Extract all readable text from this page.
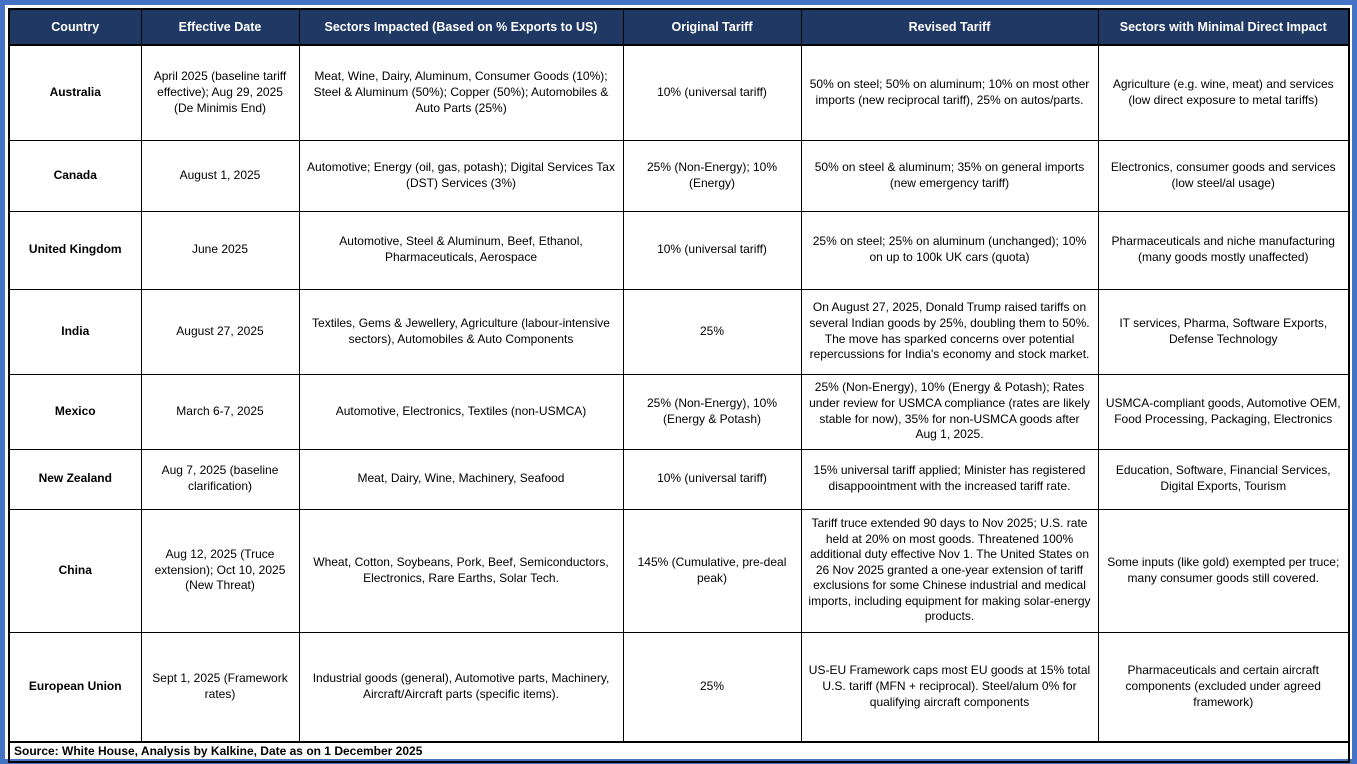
Country	Effective Date	Sectors Impacted (Based on % Exports to US)	Original Tariff	Revised Tariff	Sectors with Minimal Direct Impact
Australia	April 2025 (baseline tariff effective); Aug 29, 2025 (De Minimis End)	Meat, Wine, Dairy, Aluminum, Consumer Goods (10%); Steel & Aluminum (50%); Copper (50%); Automobiles & Auto Parts (25%)	10% (universal tariff)	50% on steel; 50% on aluminum; 10% on most other imports (new reciprocal tariff), 25% on autos/parts.	Agriculture (e.g. wine, meat) and services (low direct exposure to metal tariffs)
Canada	August 1, 2025	Automotive; Energy (oil, gas, potash); Digital Services Tax (DST) Services (3%)	25% (Non-Energy); 10% (Energy)	50% on steel & aluminum; 35% on general imports (new emergency tariff)	Electronics, consumer goods and services (low steel/al usage)
United Kingdom	June 2025	Automotive, Steel & Aluminum, Beef, Ethanol, Pharmaceuticals, Aerospace	10% (universal tariff)	25% on steel; 25% on aluminum (unchanged); 10% on up to 100k UK cars (quota)	Pharmaceuticals and niche manufacturing (many goods mostly unaffected)
India	August 27, 2025	Textiles, Gems & Jewellery, Agriculture (labour-intensive sectors), Automobiles & Auto Components	25%	On August 27, 2025, Donald Trump raised tariffs on several Indian goods by 25%, doubling them to 50%. The move has sparked concerns over potential repercussions for India's economy and stock market.	IT services, Pharma, Software Exports, Defense Technology
Mexico	March 6-7, 2025	Automotive, Electronics, Textiles (non-USMCA)	25% (Non-Energy), 10% (Energy & Potash)	25% (Non-Energy), 10% (Energy & Potash); Rates under review for USMCA compliance (rates are likely stable for now), 35% for non-USMCA goods after Aug 1, 2025.	USMCA-compliant goods, Automotive OEM, Food Processing, Packaging, Electronics
New Zealand	Aug 7, 2025 (baseline clarification)	Meat, Dairy, Wine, Machinery, Seafood	10% (universal tariff)	15% universal tariff applied; Minister has registered disappoointment with the increased tariff rate.	Education, Software, Financial Services, Digital Exports, Tourism
China	Aug 12, 2025 (Truce extension); Oct 10, 2025 (New Threat)	Wheat, Cotton, Soybeans, Pork, Beef, Semiconductors, Electronics, Rare Earths, Solar Tech.	145% (Cumulative, pre-deal peak)	Tariff truce extended 90 days to Nov 2025; U.S. rate held at 20% on most goods. Threatened 100% additional duty effective Nov 1. The United States on 26 Nov 2025 granted a one-year extension of tariff exclusions for some Chinese industrial and medical imports, including equipment for making solar-energy products.	Some inputs (like gold) exempted per truce; many consumer goods still covered.
European Union	Sept 1, 2025 (Framework rates)	Industrial goods (general), Automotive parts, Machinery, Aircraft/Aircraft parts (specific items).	25%	US-EU Framework caps most EU goods at 15% total U.S. tariff (MFN + reciprocal). Steel/alum 0% for qualifying aircraft components	Pharmaceuticals and certain aircraft components (excluded under agreed framework)
Source: White House, Analysis by Kalkine, Date as on 1 December 2025					
